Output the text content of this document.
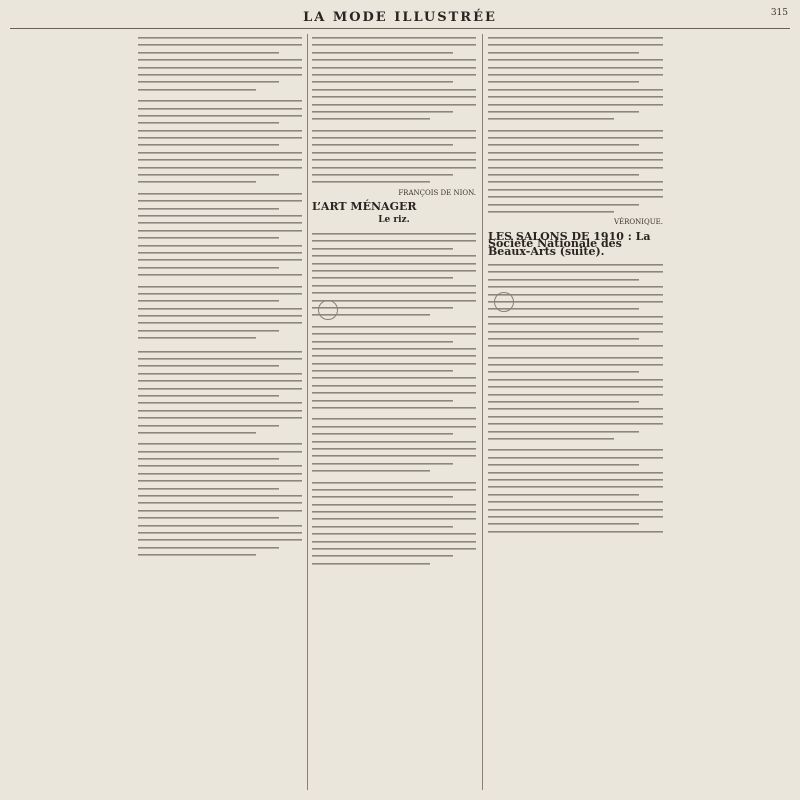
LA MODE ILLUSTRÉE	315
FRANÇOIS DE NION.
L’ART MÉNAGER
Le riz.	VÉRONIQUE.
LES SALONS DE 1910 : La Société Nationale des Beaux-Arts (suite).
